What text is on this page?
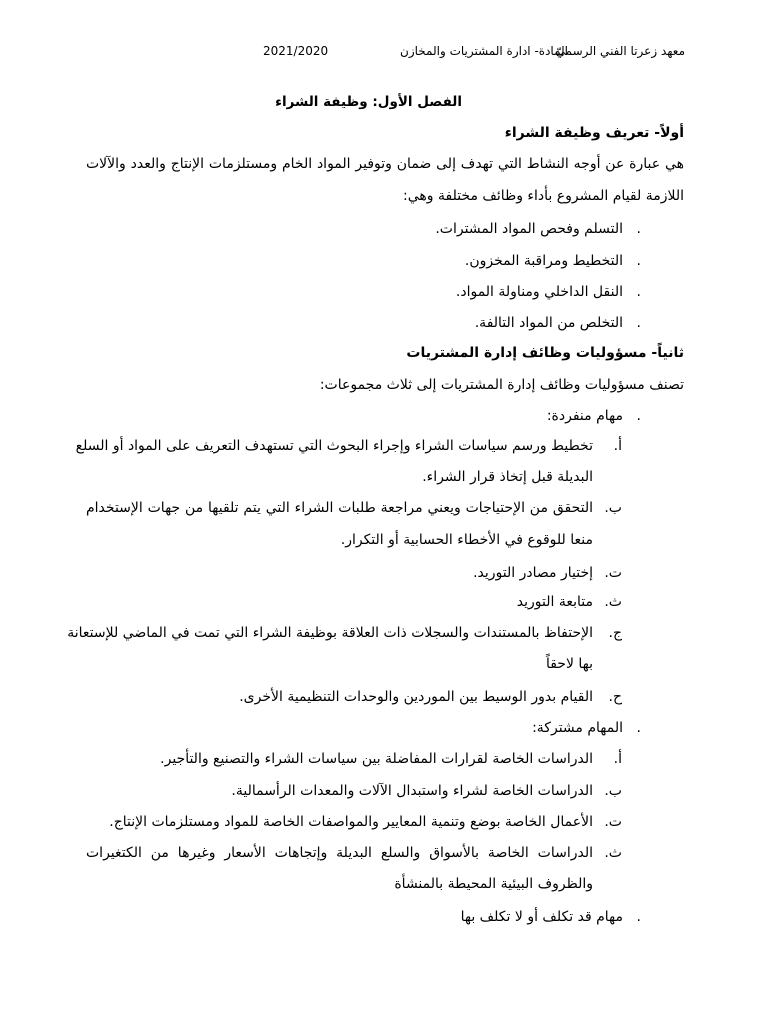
2021/2020	المادة- ادارة المشتريات والمخازن
معهد زعرتا الفني الرسميّ
الفصل الأول: وظيفة الشراء
أولاً- تعريف وظيفة الشراء
هي عبارة عن أوجه النشاط التي تهدف إلى ضمان وتوفير المواد الخام ومستلزمات الإنتاج والعدد والآلات
اللازمة لقيام المشروع بأداء وظائف مختلفة وهي:
.
التسلم وفحص المواد المشترات.
.
التخطيط ومراقبة المخزون.
.
النقل الداخلي ومناولة المواد.
.
التخلص من المواد التالفة.
ثانياً- مسؤوليات وظائف إدارة المشتريات
تصنف مسؤوليات وظائف إدارة المشتريات إلى ثلاث مجموعات:
.
مهام منفردة:
أ.
تخطيط ورسم سياسات الشراء وإجراء البحوث التي تستهدف التعريف على المواد أو السلع
البديلة قبل إتخاذ قرار الشراء.
ب.
التحقق من الإحتياجات ويعني مراجعة طلبات الشراء التي يتم تلقيها من جهات الإستخدام
منعا للوقوع في الأخطاء الحسابية أو التكرار.
ت.
إختيار مصادر التوريد.
ث.
متابعة التوريد
ج.
الإحتفاظ بالمستندات والسجلات ذات العلاقة بوظيفة الشراء التي تمت في الماضي للإستعانة
بها لاحقاً
ح.
القيام بدور الوسيط بين الموردين والوحدات التنظيمية الأخرى.
.
المهام مشتركة:
أ.
الدراسات الخاصة لقرارات المفاضلة بين سياسات الشراء والتصنيع والتأجير.
ب.
الدراسات الخاصة لشراء واستبدال الآلات والمعدات الرأسمالية.
ت.
الأعمال الخاصة بوضع وتنمية المعايير والمواصفات الخاصة للمواد ومستلزمات الإنتاج.
ث.
الدراسات الخاصة بالأسواق والسلع البديلة وإتجاهات الأسعار وغيرها من الكتغيرات
والظروف البيئية المحيطة بالمنشأة
.
مهام قد تكلف أو لا تكلف بها
